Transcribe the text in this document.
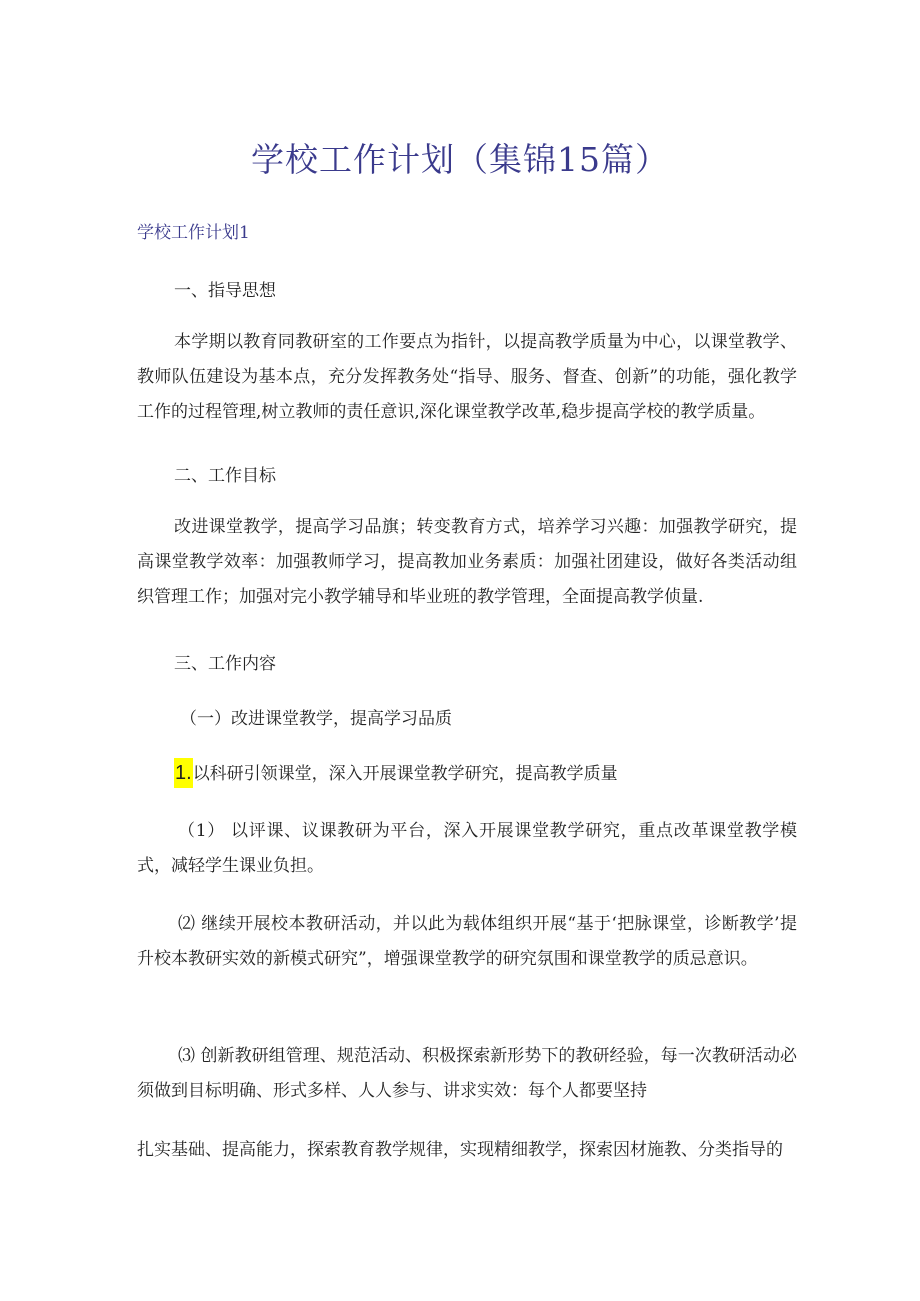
学校工作计划（集锦15篇）

学校工作计划1

一、指导思想

本学期以教育同教研室的工作要点为指针，以提高教学质量为中心，以课堂教学、教师队伍建设为基本点，充分发挥教务处“指导、服务、督查、创新”的功能，强化教学工作的过程管理,树立教师的责任意识,深化课堂教学改革,稳步提高学校的教学质量。

二、工作目标

改进课堂教学，提高学习品旗；转变教育方式，培养学习兴趣：加强教学研究，提高课堂教学效率：加强教师学习，提高教加业务素质：加强社团建设，做好各类活动组织管理工作；加强对完小教学辅导和毕业班的教学管理，全面提高教学侦量.

三、工作内容

（一）改进课堂教学，提高学习品质

1.以科研引领课堂，深入开展课堂教学研究，提高教学质量

（1） 以评课、议课教研为平台，深入开展课堂教学研究，重点改革课堂教学模式，减轻学生课业负担。

⑵ 继续开展校本教研活动，并以此为载体组织开展“基于‘把脉课堂，诊断教学’提升校本教研实效的新模式研究”，增强课堂教学的研究氛围和课堂教学的质忌意识。

⑶ 创新教研组管理、规范活动、积极探索新形势下的教研经验，每一次教研活动必须做到目标明确、形式多样、人人参与、讲求实效：每个人都要坚持

扎实基础、提高能力，探索教育教学规律，实现精细教学，探索因材施教、分类指导的
